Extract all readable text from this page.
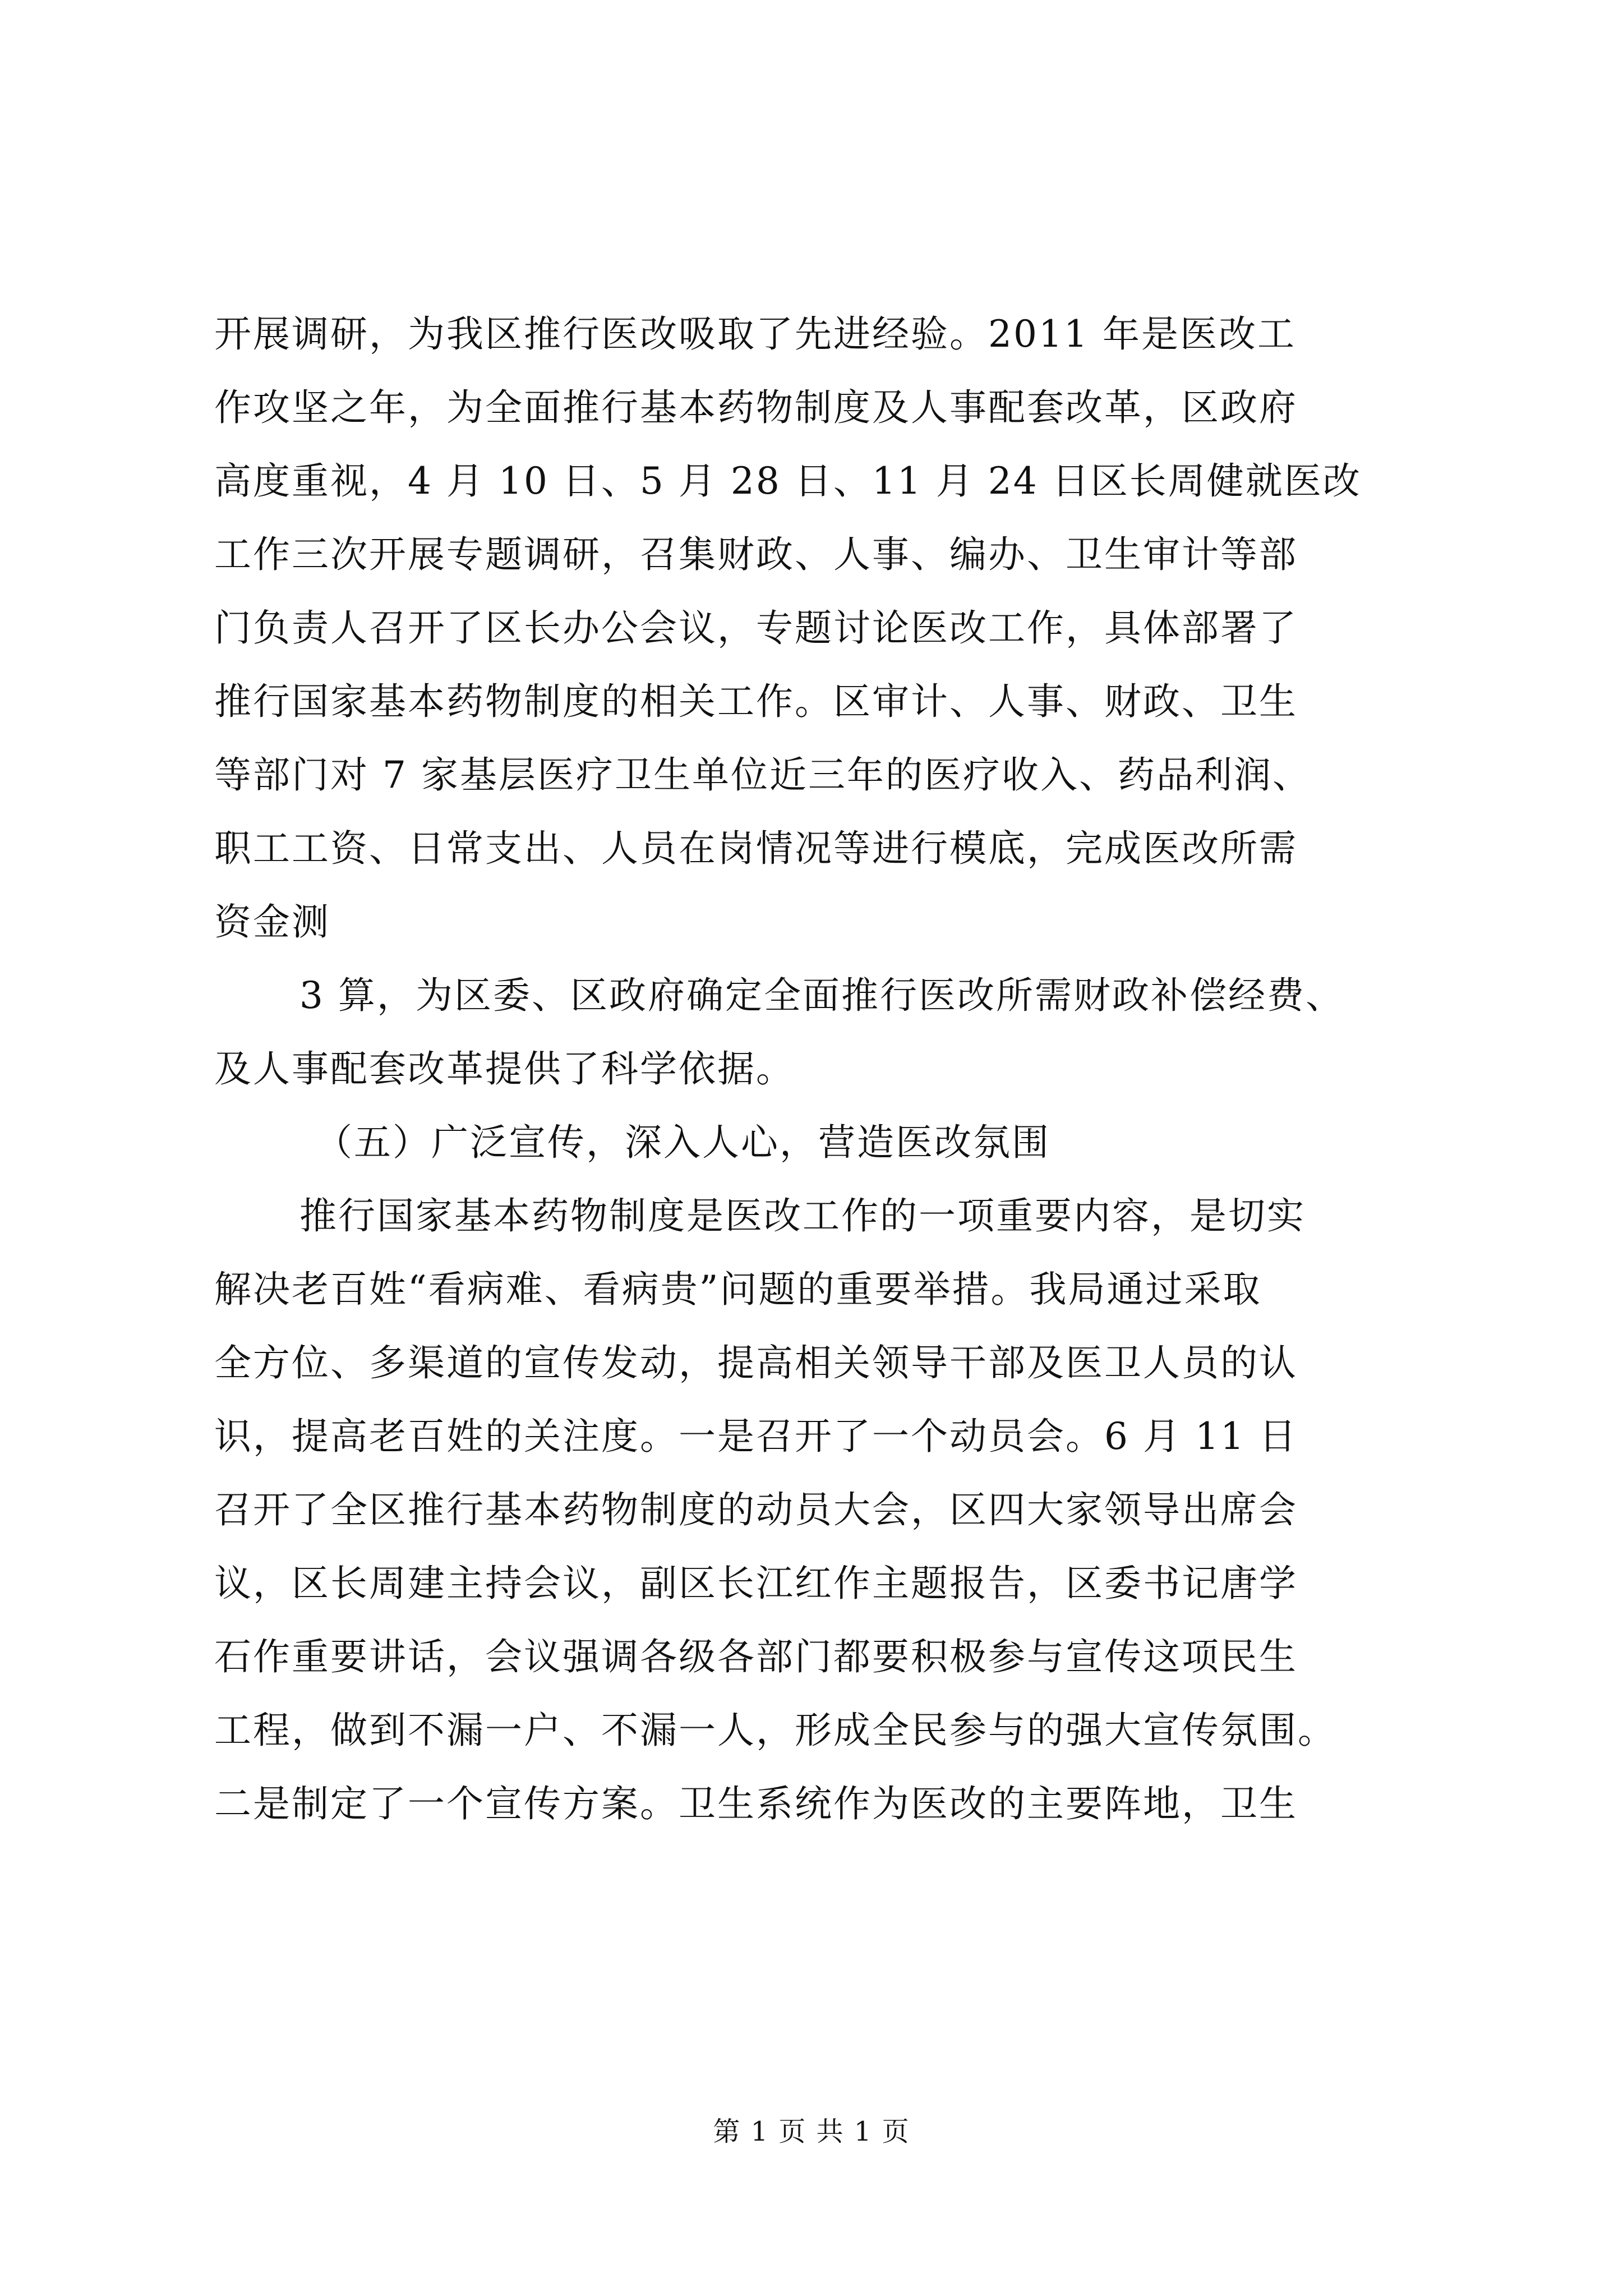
开展调研，为我区推行医改吸取了先进经验。2011 年是医改工
作攻坚之年，为全面推行基本药物制度及人事配套改革，区政府
高度重视，4 月 10 日、5 月 28 日、11 月 24 日区长周健就医改
工作三次开展专题调研，召集财政、人事、编办、卫生审计等部
门负责人召开了区长办公会议，专题讨论医改工作，具体部署了
推行国家基本药物制度的相关工作。区审计、人事、财政、卫生
等部门对 7 家基层医疗卫生单位近三年的医疗收入、药品利润、
职工工资、日常支出、人员在岗情况等进行模底，完成医改所需
资金测
3 算，为区委、区政府确定全面推行医改所需财政补偿经费、
及人事配套改革提供了科学依据。
（五）广泛宣传，深入人心，营造医改氛围
推行国家基本药物制度是医改工作的一项重要内容，是切实
解决老百姓“看病难、看病贵”问题的重要举措。我局通过采取
全方位、多渠道的宣传发动，提高相关领导干部及医卫人员的认
识，提高老百姓的关注度。一是召开了一个动员会。6 月 11 日
召开了全区推行基本药物制度的动员大会，区四大家领导出席会
议，区长周建主持会议，副区长江红作主题报告，区委书记唐学
石作重要讲话，会议强调各级各部门都要积极参与宣传这项民生
工程，做到不漏一户、不漏一人，形成全民参与的强大宣传氛围。
二是制定了一个宣传方案。卫生系统作为医改的主要阵地，卫生
第 1 页 共 1 页
